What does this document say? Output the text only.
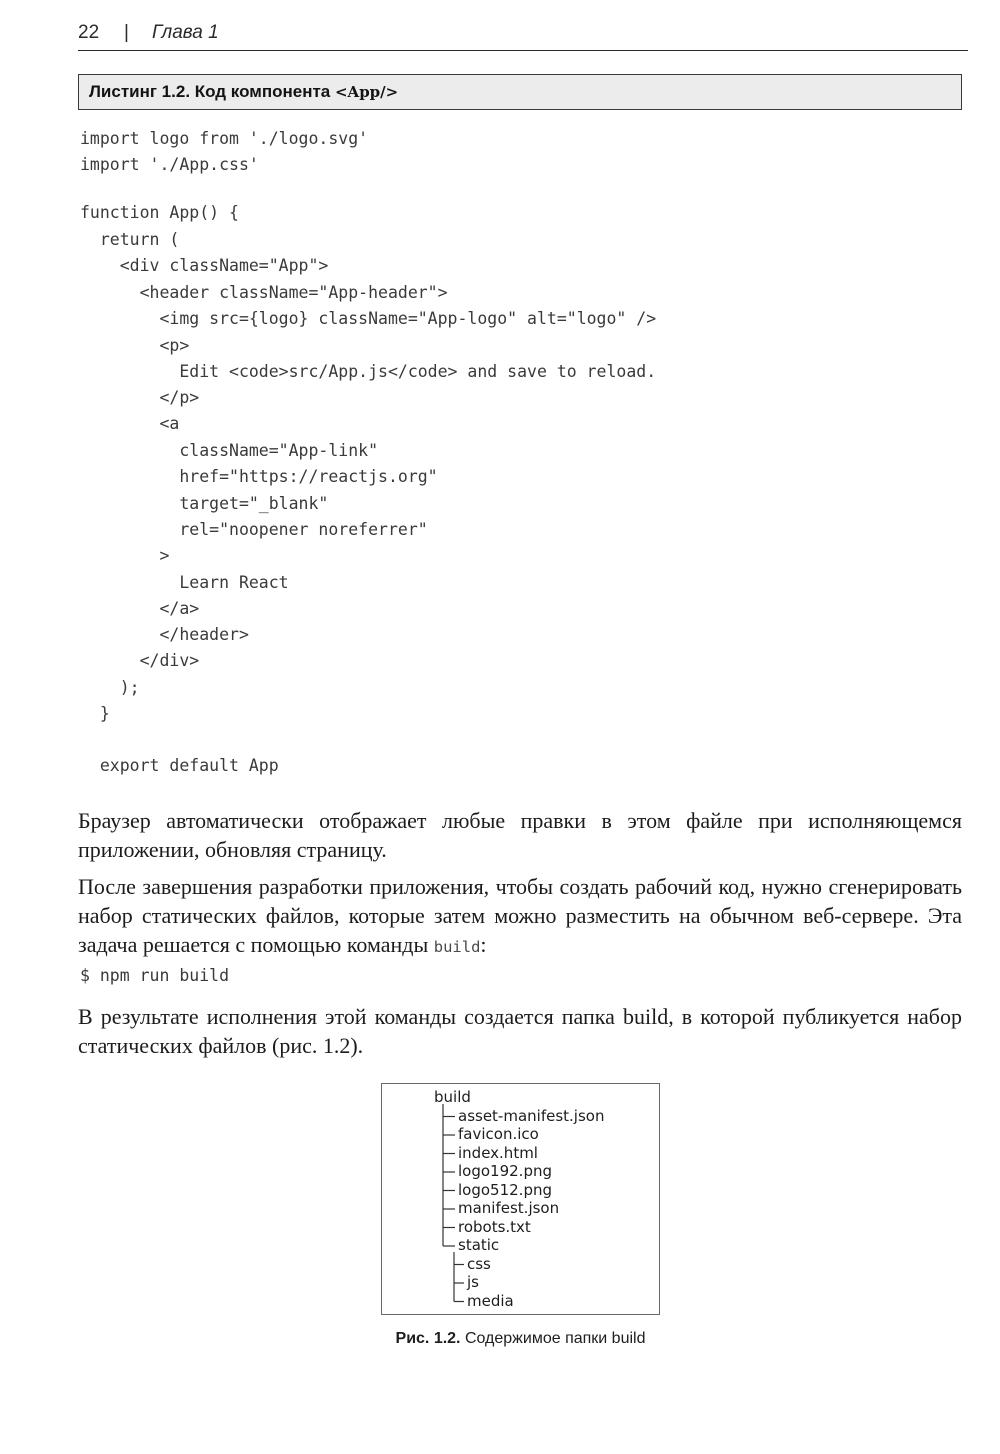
22 | Глава 1
Листинг 1.2. Код компонента <App/>
import logo from './logo.svg'
import './App.css'
function App() {
return (
<div className="App">
<header className="App-header">
<img src={logo} className="App-logo" alt="logo" />
<p>
Edit <code>src/App.js</code> and save to reload.
</p>
<a
className="App-link"
href="https://reactjs.org"
target="_blank"
rel="noopener noreferrer"
>
Learn React
</a>
</header>
</div>
);
}
export default App

Браузер автоматически отображает любые правки в этом файле при исполняющемся приложении, обновляя страницу.

После завершения разработки приложения, чтобы создать рабочий код, нужно сгенерировать набор статических файлов, которые затем можно разместить на обычном веб-сервере. Эта задача решается с помощью команды build:

$ npm run build

В результате исполнения этой команды создается папка build, в которой публикуется набор статических файлов (рис. 1.2).

build
asset-manifest.json
favicon.ico
index.html
logo192.png
logo512.png
manifest.json
robots.txt
static
css
js
media
Рис. 1.2. Содержимое папки build
